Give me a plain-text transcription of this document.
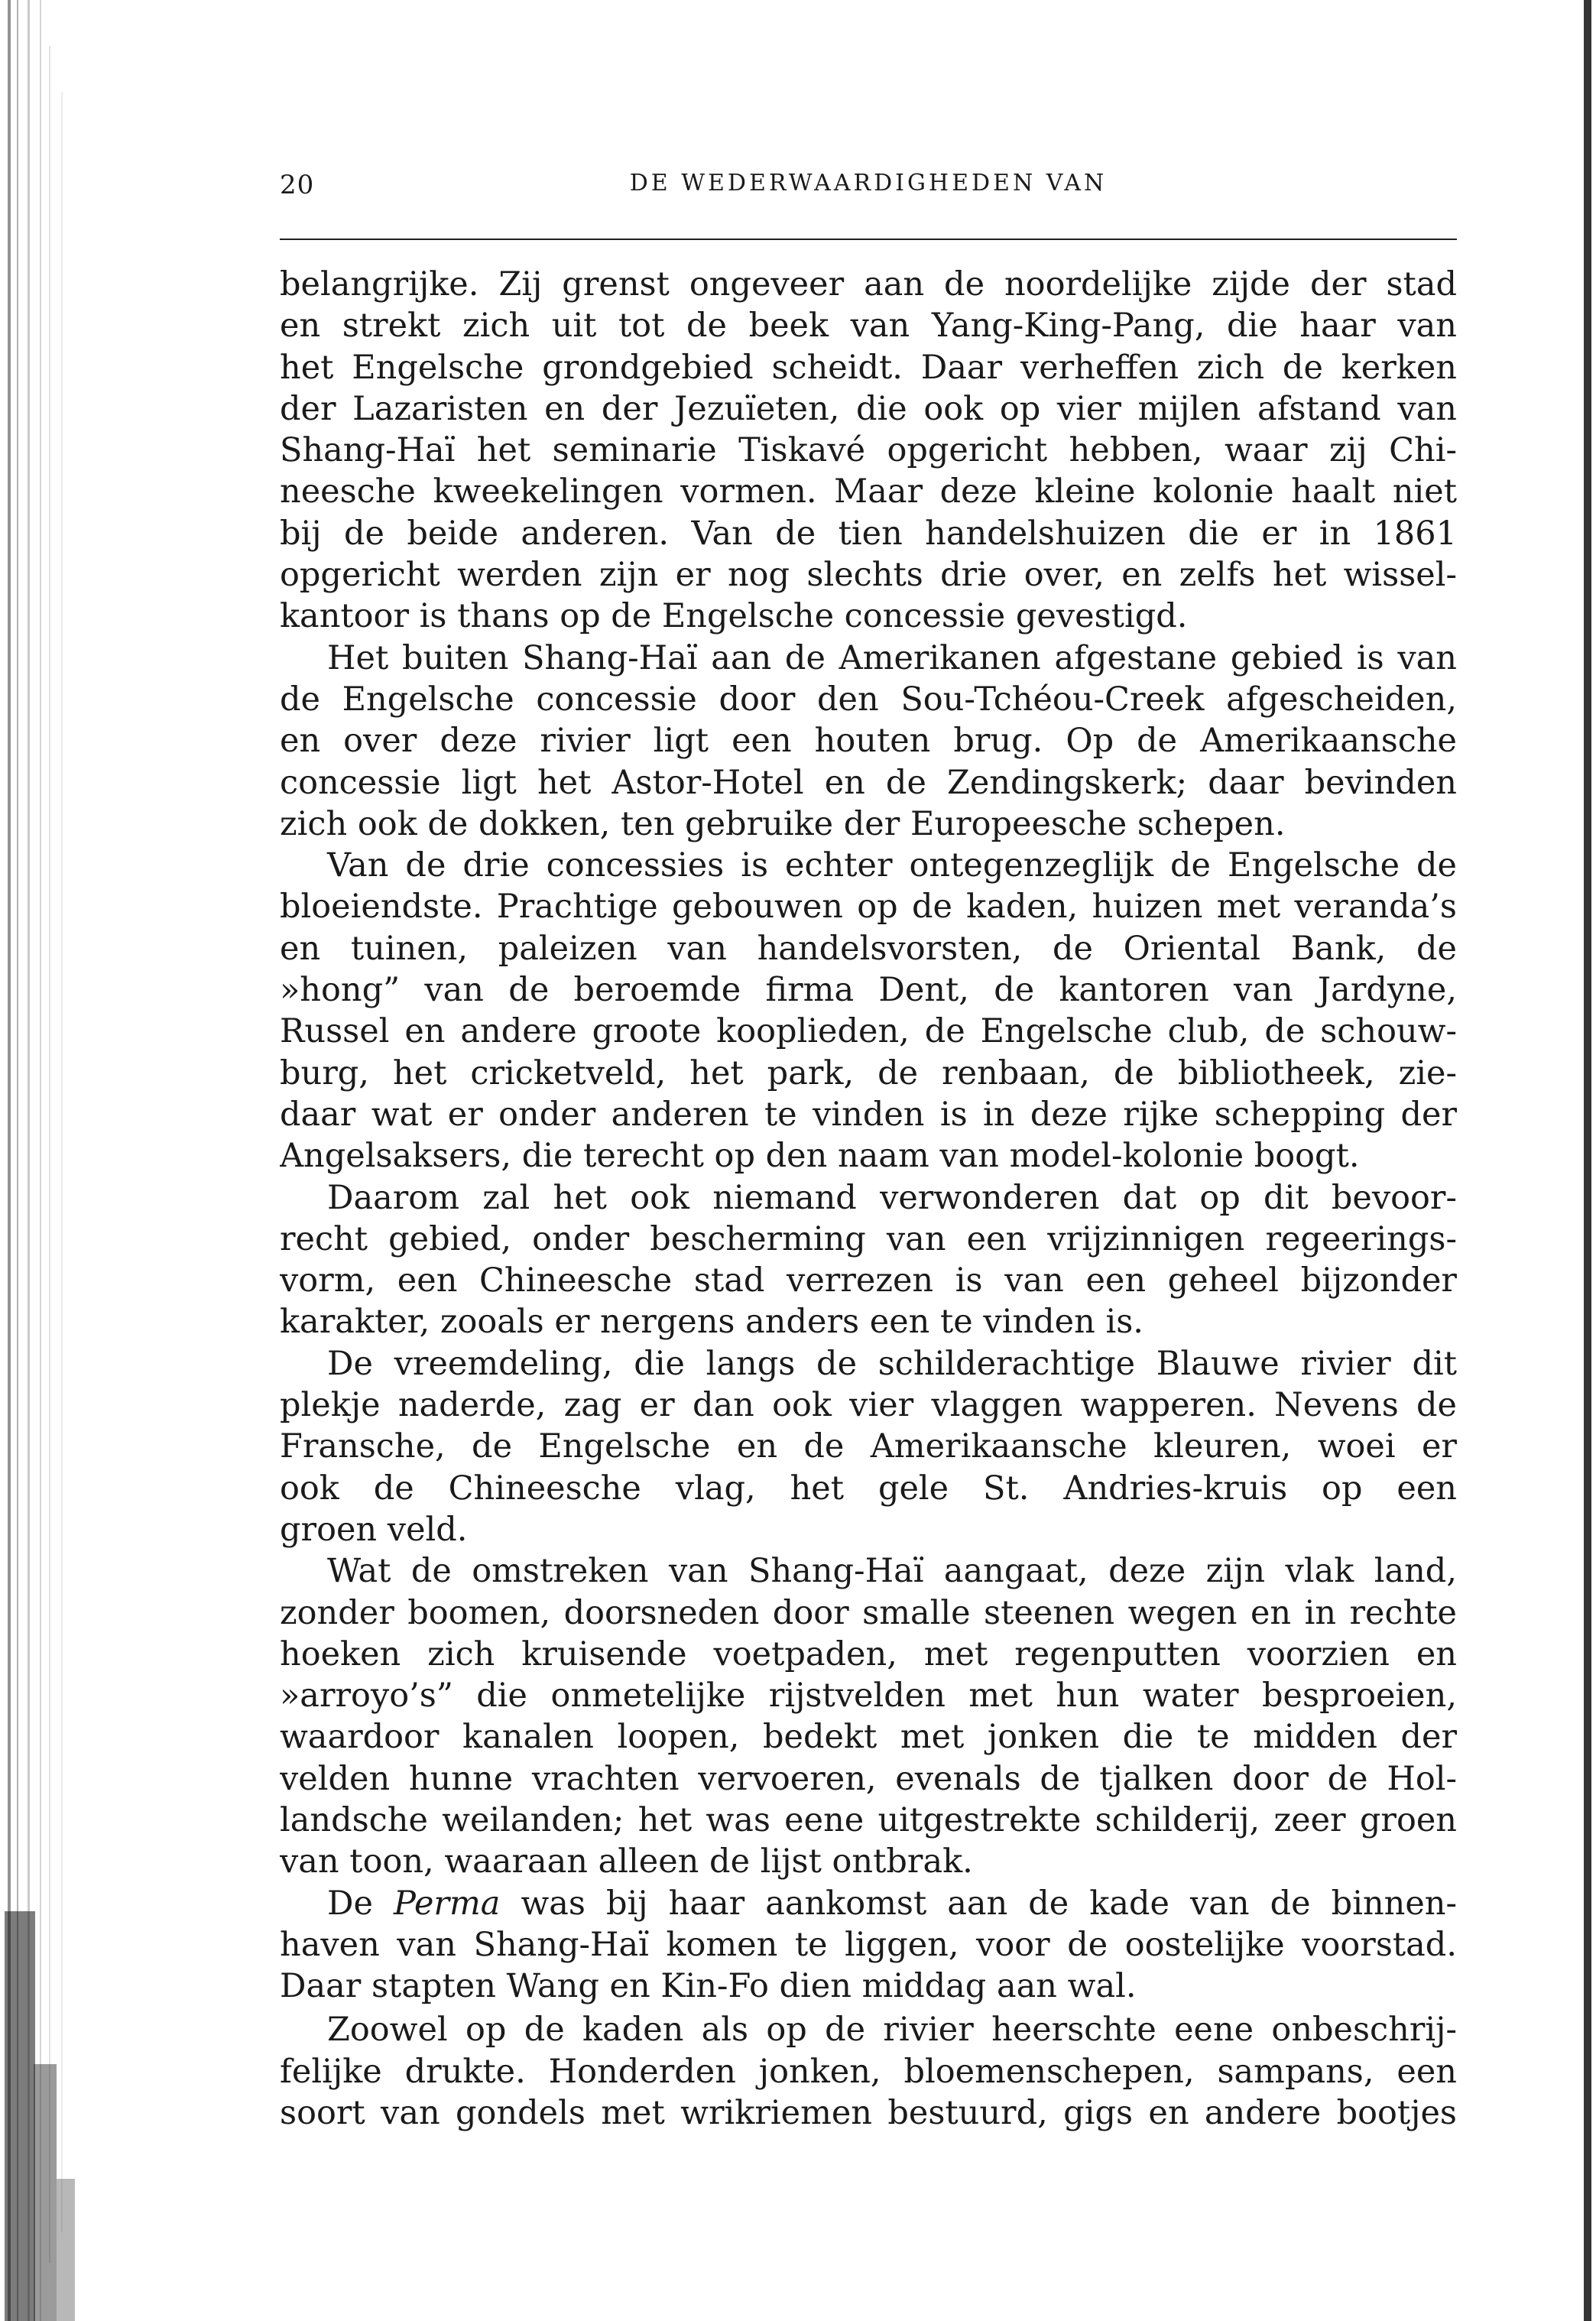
20	DE WEDERWAARDIGHEDEN VAN

belangrijke. Zij grenst ongeveer aan de noordelijke zijde der stad

en strekt zich uit tot de beek van Yang-King-Pang, die haar van

het Engelsche grondgebied scheidt. Daar verheffen zich de kerken

der Lazaristen en der Jezuïeten, die ook op vier mijlen afstand van

Shang-Haï het seminarie Tiskavé opgericht hebben, waar zij Chi-

neesche kweekelingen vormen. Maar deze kleine kolonie haalt niet

bij de beide anderen. Van de tien handelshuizen die er in 1861

opgericht werden zijn er nog slechts drie over, en zelfs het wissel-

kantoor is thans op de Engelsche concessie gevestigd.

Het buiten Shang-Haï aan de Amerikanen afgestane gebied is van

de Engelsche concessie door den Sou-Tchéou-Creek afgescheiden,

en over deze rivier ligt een houten brug. Op de Amerikaansche

concessie ligt het Astor-Hotel en de Zendingskerk; daar bevinden

zich ook de dokken, ten gebruike der Europeesche schepen.

Van de drie concessies is echter ontegenzeglijk de Engelsche de

bloeiendste. Prachtige gebouwen op de kaden, huizen met veranda’s

en tuinen, paleizen van handelsvorsten, de Oriental Bank, de

»hong” van de beroemde firma Dent, de kantoren van Jardyne,

Russel en andere groote kooplieden, de Engelsche club, de schouw-

burg, het cricketveld, het park, de renbaan, de bibliotheek, zie-

daar wat er onder anderen te vinden is in deze rijke schepping der

Angelsaksers, die terecht op den naam van model-kolonie boogt.

Daarom zal het ook niemand verwonderen dat op dit bevoor-

recht gebied, onder bescherming van een vrijzinnigen regeerings-

vorm, een Chineesche stad verrezen is van een geheel bijzonder

karakter, zooals er nergens anders een te vinden is.

De vreemdeling, die langs de schilderachtige Blauwe rivier dit

plekje naderde, zag er dan ook vier vlaggen wapperen. Nevens de

Fransche, de Engelsche en de Amerikaansche kleuren, woei er

ook de Chineesche vlag, het gele St. Andries-kruis op een

groen veld.

Wat de omstreken van Shang-Haï aangaat, deze zijn vlak land,

zonder boomen, doorsneden door smalle steenen wegen en in rechte

hoeken zich kruisende voetpaden, met regenputten voorzien en

»arroyo’s” die onmetelijke rijstvelden met hun water besproeien,

waardoor kanalen loopen, bedekt met jonken die te midden der

velden hunne vrachten vervoeren, evenals de tjalken door de Hol-

landsche weilanden; het was eene uitgestrekte schilderij, zeer groen

van toon, waaraan alleen de lijst ontbrak.

De Perma was bij haar aankomst aan de kade van de binnen-

haven van Shang-Haï komen te liggen, voor de oostelijke voorstad.

Daar stapten Wang en Kin-Fo dien middag aan wal.

Zoowel op de kaden als op de rivier heerschte eene onbeschrij-

felijke drukte. Honderden jonken, bloemenschepen, sampans, een

soort van gondels met wrikriemen bestuurd, gigs en andere bootjes
